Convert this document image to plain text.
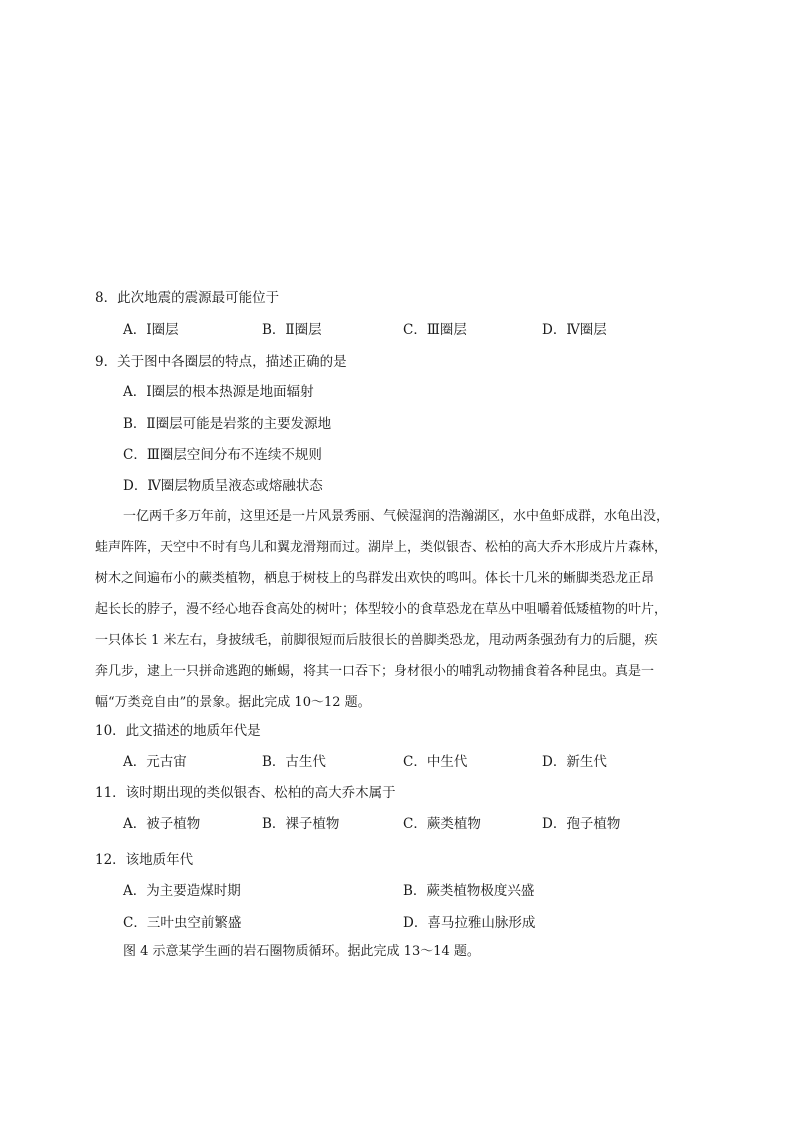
8．此次地震的震源最可能位于
A．Ⅰ圈层	B．Ⅱ圈层	C．Ⅲ圈层	D．Ⅳ圈层
9．关于图中各圈层的特点，描述正确的是
A．Ⅰ圈层的根本热源是地面辐射
B．Ⅱ圈层可能是岩浆的主要发源地
C．Ⅲ圈层空间分布不连续不规则
D．Ⅳ圈层物质呈液态或熔融状态
一亿两千多万年前，这里还是一片风景秀丽、气候湿润的浩瀚湖区，水中鱼虾成群，水龟出没，
蛙声阵阵，天空中不时有鸟儿和翼龙滑翔而过。湖岸上，类似银杏、松柏的高大乔木形成片片森林，
树木之间遍布小的蕨类植物，栖息于树枝上的鸟群发出欢快的鸣叫。体长十几米的蜥脚类恐龙正昂
起长长的脖子，漫不经心地吞食高处的树叶；体型较小的食草恐龙在草丛中咀嚼着低矮植物的叶片，
一只体长 1 米左右，身披绒毛，前脚很短而后肢很长的兽脚类恐龙，甩动两条强劲有力的后腿，疾
奔几步，逮上一只拼命逃跑的蜥蜴，将其一口吞下；身材很小的哺乳动物捕食着各种昆虫。真是一
幅“万类竞自由”的景象。据此完成 10～12 题。
10．此文描述的地质年代是
A．元古宙	B．古生代	C．中生代	D．新生代
11．该时期出现的类似银杏、松柏的高大乔木属于
A．被子植物	B．裸子植物	C．蕨类植物	D．孢子植物
12．该地质年代
A．为主要造煤时期	B．蕨类植物极度兴盛
C．三叶虫空前繁盛	D．喜马拉雅山脉形成
图 4 示意某学生画的岩石圈物质循环。据此完成 13～14 题。
